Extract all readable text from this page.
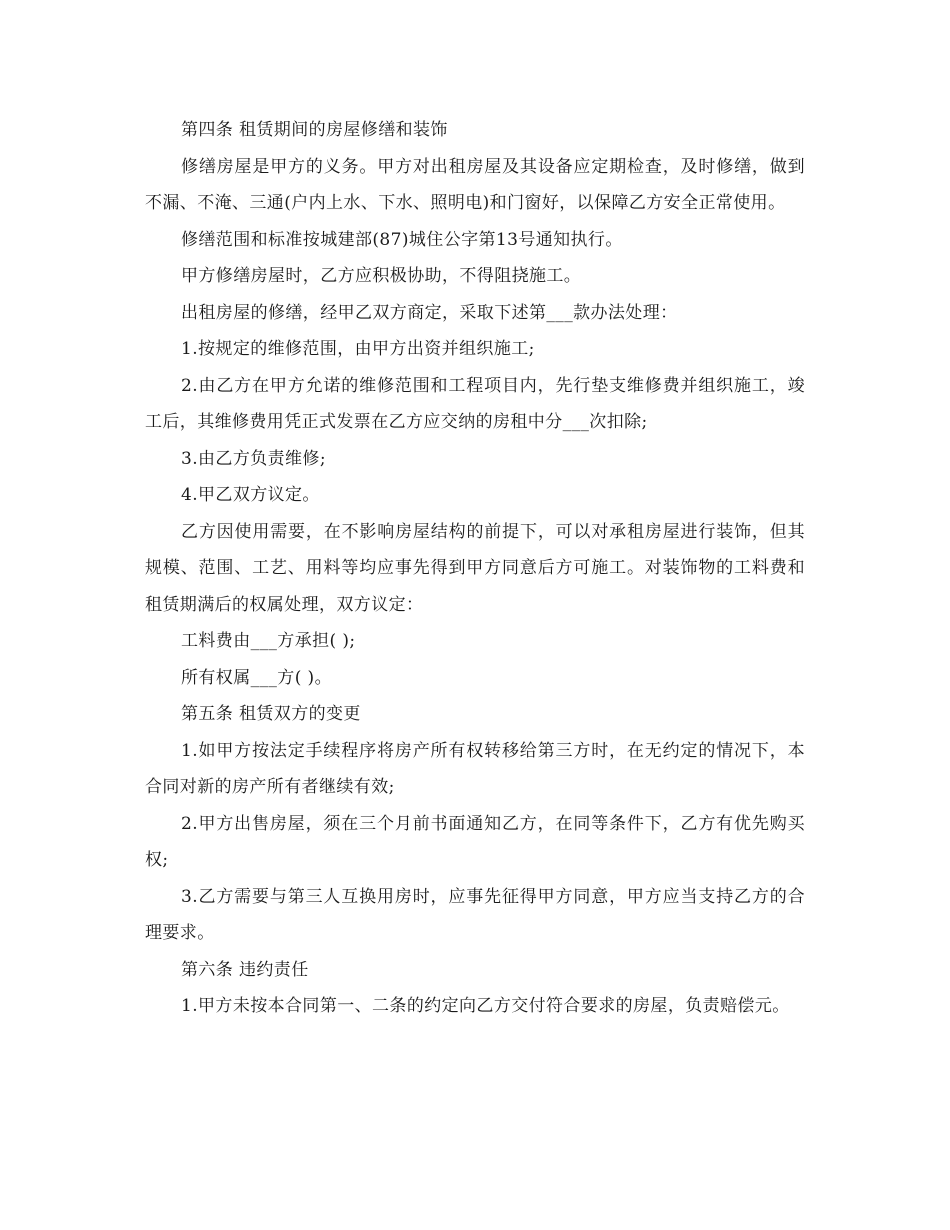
第四条 租赁期间的房屋修缮和装饰

修缮房屋是甲方的义务。甲方对出租房屋及其设备应定期检查，及时修缮，做到不漏、不淹、三通(户内上水、下水、照明电)和门窗好，以保障乙方安全正常使用。

修缮范围和标准按城建部(87)城住公字第13号通知执行。

甲方修缮房屋时，乙方应积极协助，不得阻挠施工。

出租房屋的修缮，经甲乙双方商定，采取下述第___款办法处理：

1.按规定的维修范围，由甲方出资并组织施工;

2.由乙方在甲方允诺的维修范围和工程项目内，先行垫支维修费并组织施工，竣工后，其维修费用凭正式发票在乙方应交纳的房租中分___次扣除;

3.由乙方负责维修;

4.甲乙双方议定。

乙方因使用需要，在不影响房屋结构的前提下，可以对承租房屋进行装饰，但其规模、范围、工艺、用料等均应事先得到甲方同意后方可施工。对装饰物的工料费和租赁期满后的权属处理，双方议定：

工料费由___方承担( );

所有权属___方( )。

第五条 租赁双方的变更

1.如甲方按法定手续程序将房产所有权转移给第三方时，在无约定的情况下，本合同对新的房产所有者继续有效;

2.甲方出售房屋，须在三个月前书面通知乙方，在同等条件下，乙方有优先购买权;

3.乙方需要与第三人互换用房时，应事先征得甲方同意，甲方应当支持乙方的合理要求。

第六条 违约责任

1.甲方未按本合同第一、二条的约定向乙方交付符合要求的房屋，负责赔偿元。
